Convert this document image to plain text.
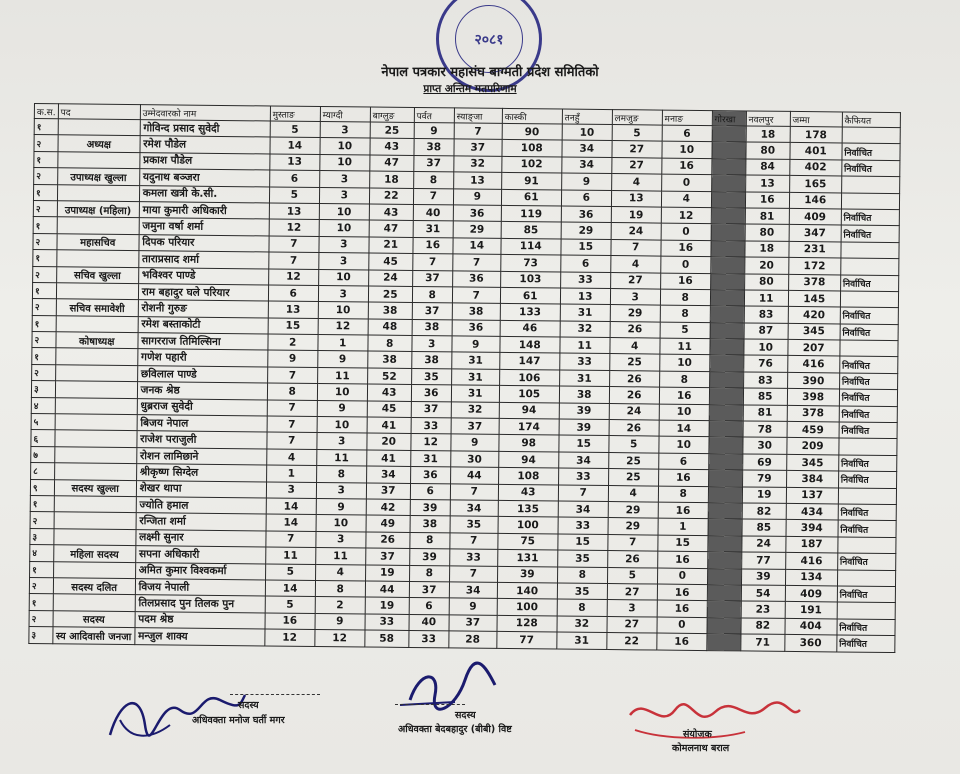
२०८१
नेपाल पत्रकार महासंघ बाग्मती प्रदेश समितिको
प्राप्त अन्तिम मतपरिणाम
क.स.	पद	उम्मेदवारको नाम	मुस्ताङ	म्याग्दी	बाग्लुङ	पर्वत	स्याङ्जा	कास्की	तनहुँ	लमजुङ	मनाङ	गोरखा	नवलपुर	जम्मा	कैफियत
१		गोविन्द प्रसाद सुवेदी	5	3	25	9	7	90	10	5	6		18	178	
२	अध्यक्ष	रमेश पौडेल	14	10	43	38	37	108	34	27	10		80	401	निर्वाचित
१		प्रकाश पौडेल	13	10	47	37	32	102	34	27	16		84	402	निर्वाचित
२	उपाध्यक्ष खुल्ला	यदुनाथ बञ्जरा	6	3	18	8	13	91	9	4	0		13	165	
१		कमला खत्री के.सी.	5	3	22	7	9	61	6	13	4		16	146	
२	उपाध्यक्ष (महिला)	माया कुमारी अधिकारी	13	10	43	40	36	119	36	19	12		81	409	निर्वाचित
१		जमुना वर्षा शर्मा	12	10	47	31	29	85	29	24	0		80	347	निर्वाचित
२	महासचिव	दिपक परियार	7	3	21	16	14	114	15	7	16		18	231	
१		ताराप्रसाद शर्मा	7	3	45	7	7	73	6	4	0		20	172	
२	सचिव खुल्ला	भविश्वर पाण्डे	12	10	24	37	36	103	33	27	16		80	378	निर्वाचित
१		राम बहादुर घले परियार	6	3	25	8	7	61	13	3	8		11	145	
२	सचिव समावेशी	रोशनी गुरुङ	13	10	38	37	38	133	31	29	8		83	420	निर्वाचित
१		रमेश बस्ताकोटी	15	12	48	38	36	46	32	26	5		87	345	निर्वाचित
२	कोषाध्यक्ष	सागरराज तिमिल्सिना	2	1	8	3	9	148	11	4	11		10	207	
१		गणेश पहारी	9	9	38	38	31	147	33	25	10		76	416	निर्वाचित
२		छविलाल पाण्डे	7	11	52	35	31	106	31	26	8		83	390	निर्वाचित
३		जनक श्रेष्ठ	8	10	43	36	31	105	38	26	16		85	398	निर्वाचित
४		धुब्रराज सुवेदी	7	9	45	37	32	94	39	24	10		81	378	निर्वाचित
५		बिजय नेपाल	7	10	41	33	37	174	39	26	14		78	459	निर्वाचित
६		राजेश पराजुली	7	3	20	12	9	98	15	5	10		30	209	
७		रोशन लामिछाने	4	11	41	31	30	94	34	25	6		69	345	निर्वाचित
८		श्रीकृष्ण सिग्देल	1	8	34	36	44	108	33	25	16		79	384	निर्वाचित
९	सदस्य खुल्ला	शेखर थापा	3	3	37	6	7	43	7	4	8		19	137	
१		ज्योति हमाल	14	9	42	39	34	135	34	29	16		82	434	निर्वाचित
२		रन्जिता शर्मा	14	10	49	38	35	100	33	29	1		85	394	निर्वाचित
३		लक्ष्मी सुनार	7	3	26	8	7	75	15	7	15		24	187	
४	महिला सदस्य	सपना अधिकारी	11	11	37	39	33	131	35	26	16		77	416	निर्वाचित
१		अमित कुमार विश्वकर्मा	5	4	19	8	7	39	8	5	0		39	134	
२	सदस्य दलित	विजय नेपाली	14	8	44	37	34	140	35	27	16		54	409	निर्वाचित
१		तिलप्रसाद पुन तिलक पुन	5	2	19	6	9	100	8	3	16		23	191	
२	सदस्य	पदम श्रेष्ठ	16	9	33	40	37	128	32	27	0		82	404	निर्वाचित
३	स्य आदिवासी जनजा	मन्जुल शाक्य	12	12	58	33	28	77	31	22	16		71	360	निर्वाचित
सदस्य
अधिवक्ता मनोज घर्ती मगर	सदस्य
अधिवक्ता बेदबहादुर (बीबी) विष्ट	संयोजक
कोमलनाथ बराल
